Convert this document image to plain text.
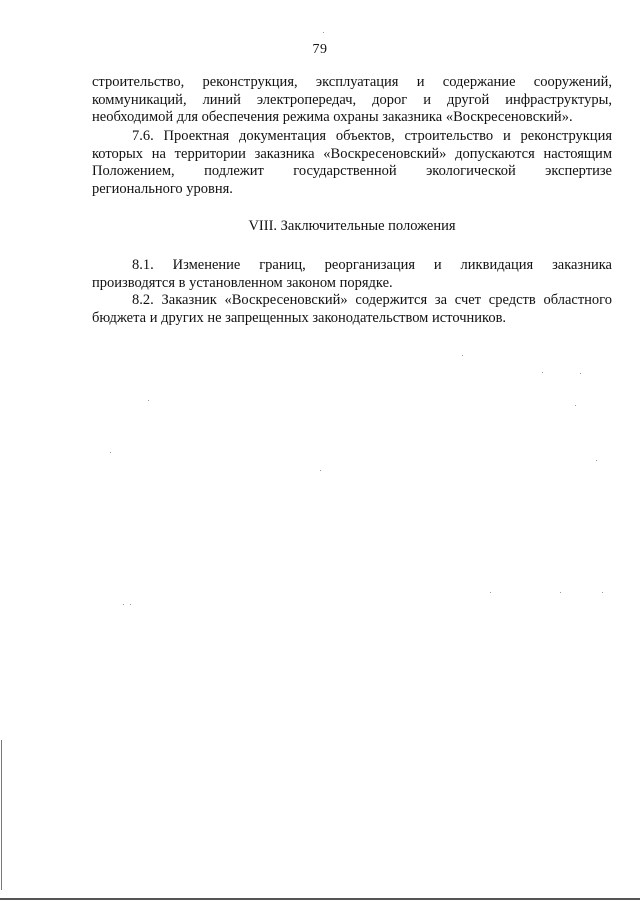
79
строительство, реконструкция, эксплуатация и содержание сооружений,
коммуникаций, линий электропередач, дорог и другой инфраструктуры,
необходимой для обеспечения режима охраны заказника «Воскресеновский».
7.6. Проектная документация объектов, строительство и реконструкция
которых на территории заказника «Воскресеновский» допускаются настоящим
Положением, подлежит государственной экологической экспертизе
регионального уровня.
VIII. Заключительные положения
8.1. Изменение границ, реорганизация и ликвидация заказника
производятся в установленном законом порядке.
8.2. Заказник «Воскресеновский» содержится за счет средств областного
бюджета и других не запрещенных законодательством источников.
